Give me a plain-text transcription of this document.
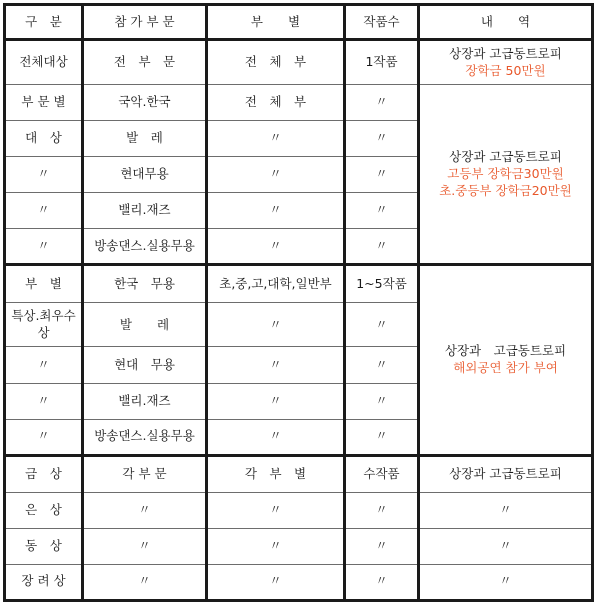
구　분	참 가 부 문	부　　별	작품수	내　　역
전체대상	전　부　문	전　체　부	1작품	상장과 고급동트로피
장학금 50만원

부 문 별	국악.한국	전　체　부	〃	상장과 고급동트로피
고등부 장학금30만원
초.중등부 장학금20만원

대　상	발　레	〃	〃	
〃	현대무용	〃	〃	
〃	밸리.재즈	〃	〃	
〃	방송댄스.실용무용	〃	〃	
부　별	한국　무용	초,중,고,대학,일반부	1~5작품	상장과　고급동트로피
해외공연 참가 부여

특상.최우수상	발　　레	〃	〃	
〃	현대　무용	〃	〃	
〃	밸리.재즈	〃	〃	
〃	방송댄스.실용무용	〃	〃	
금　상	각 부 문	각　부　별	수작품	상장과 고급동트로피
은　상	〃	〃	〃	〃
동　상	〃	〃	〃	〃
장 려 상	〃	〃	〃	〃
